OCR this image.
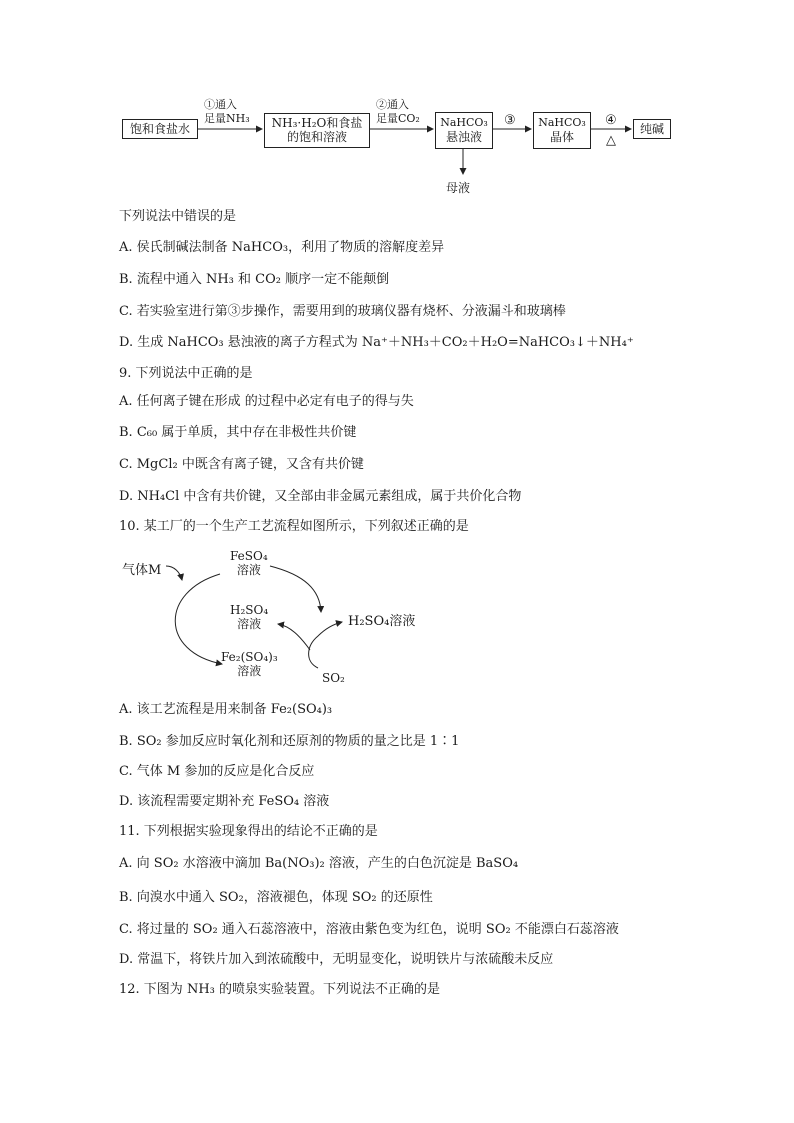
饱和食盐水
①通入
足量NH₃	NH₃·H₂O和食盐
的饱和溶液
②通入
足量CO₂	NaHCO₃
悬浊液
③	NaHCO₃
晶体
④
△
纯碱
母液
下列说法中错误的是
A. 侯氏制碱法制备 NaHCO₃，利用了物质的溶解度差异
B. 流程中通入 NH₃ 和 CO₂ 顺序一定不能颠倒
C. 若实验室进行第③步操作，需要用到的玻璃仪器有烧杯、分液漏斗和玻璃棒
D. 生成 NaHCO₃ 悬浊液的离子方程式为 Na⁺＋NH₃＋CO₂＋H₂O=NaHCO₃↓＋NH₄⁺
9. 下列说法中正确的是
A. 任何离子键在形成 的过程中必定有电子的得与失
B. C₆₀ 属于单质，其中存在非极性共价键
C. MgCl₂ 中既含有离子键，又含有共价键
D. NH₄Cl 中含有共价键，又全部由非金属元素组成，属于共价化合物
10. 某工厂的一个生产工艺流程如图所示，下列叙述正确的是
气体M
FeSO₄
溶液
H₂SO₄
溶液
Fe₂(SO₄)₃
溶液
H₂SO₄溶液
SO₂
A. 该工艺流程是用来制备 Fe₂(SO₄)₃
B. SO₂ 参加反应时氧化剂和还原剂的物质的量之比是 1∶1
C. 气体 M 参加的反应是化合反应
D. 该流程需要定期补充 FeSO₄ 溶液
11. 下列根据实验现象得出的结论不正确的是
A. 向 SO₂ 水溶液中滴加 Ba(NO₃)₂ 溶液，产生的白色沉淀是 BaSO₄
B. 向溴水中通入 SO₂，溶液褪色，体现 SO₂ 的还原性
C. 将过量的 SO₂ 通入石蕊溶液中，溶液由紫色变为红色，说明 SO₂ 不能漂白石蕊溶液
D. 常温下，将铁片加入到浓硫酸中，无明显变化，说明铁片与浓硫酸未反应
12. 下图为 NH₃ 的喷泉实验装置。下列说法不正确的是
